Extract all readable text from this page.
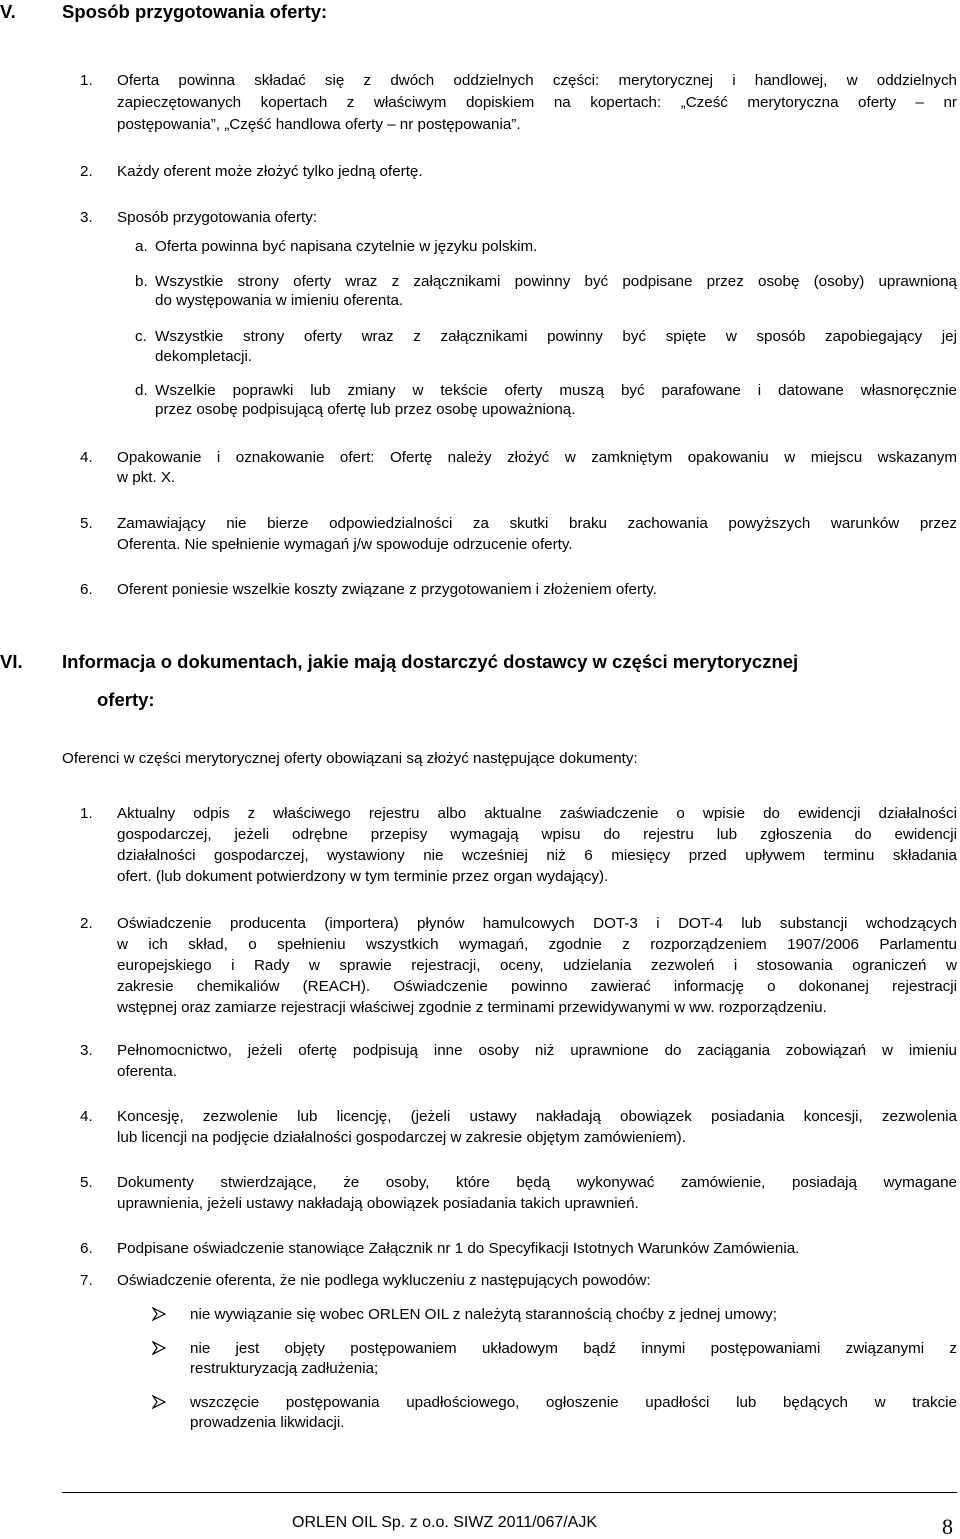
V. Sposób przygotowania oferty:
1. Oferta powinna składać się z dwóch oddzielnych części: merytorycznej i handlowej, w oddzielnych
zapieczętowanych kopertach z właściwym dopiskiem na kopertach: „Cześć merytoryczna oferty – nr
postępowania”, „Część handlowa oferty – nr postępowania”.
2. Każdy oferent może złożyć tylko jedną ofertę.
3. Sposób przygotowania oferty:
a. Oferta powinna być napisana czytelnie w języku polskim.
b. Wszystkie strony oferty wraz z załącznikami powinny być podpisane przez osobę (osoby) uprawnioną
do występowania w imieniu oferenta.
c. Wszystkie strony oferty wraz z załącznikami powinny być spięte w sposób zapobiegający jej
dekompletacji.
d. Wszelkie poprawki lub zmiany w tekście oferty muszą być parafowane i datowane własnoręcznie
przez osobę podpisującą ofertę lub przez osobę upoważnioną.
4. Opakowanie i oznakowanie ofert: Ofertę należy złożyć w zamkniętym opakowaniu w miejscu wskazanym
w pkt. X.
5. Zamawiający nie bierze odpowiedzialności za skutki braku zachowania powyższych warunków przez
Oferenta. Nie spełnienie wymagań j/w spowoduje odrzucenie oferty.
6. Oferent poniesie wszelkie koszty związane z przygotowaniem i złożeniem oferty.
VI. Informacja o dokumentach, jakie mają dostarczyć dostawcy w części merytorycznej
oferty:
Oferenci w części merytorycznej oferty obowiązani są złożyć następujące dokumenty:
1. Aktualny odpis z właściwego rejestru albo aktualne zaświadczenie o wpisie do ewidencji działalności
gospodarczej, jeżeli odrębne przepisy wymagają wpisu do rejestru lub zgłoszenia do ewidencji
działalności gospodarczej, wystawiony nie wcześniej niż 6 miesięcy przed upływem terminu składania
ofert. (lub dokument potwierdzony w tym terminie przez organ wydający).
2. Oświadczenie producenta (importera) płynów hamulcowych DOT-3 i DOT-4 lub substancji wchodzących
w ich skład, o spełnieniu wszystkich wymagań, zgodnie z rozporządzeniem 1907/2006 Parlamentu
europejskiego i Rady w sprawie rejestracji, oceny, udzielania zezwoleń i stosowania ograniczeń w
zakresie chemikaliów (REACH). Oświadczenie powinno zawierać informację o dokonanej rejestracji
wstępnej oraz zamiarze rejestracji właściwej zgodnie z terminami przewidywanymi w ww. rozporządzeniu.
3. Pełnomocnictwo, jeżeli ofertę podpisują inne osoby niż uprawnione do zaciągania zobowiązań w imieniu
oferenta.
4. Koncesję, zezwolenie lub licencję, (jeżeli ustawy nakładają obowiązek posiadania koncesji, zezwolenia
lub licencji na podjęcie działalności gospodarczej w zakresie objętym zamówieniem).
5. Dokumenty stwierdzające, że osoby, które będą wykonywać zamówienie, posiadają wymagane
uprawnienia, jeżeli ustawy nakładają obowiązek posiadania takich uprawnień.
6. Podpisane oświadczenie stanowiące Załącznik nr 1 do Specyfikacji Istotnych Warunków Zamówienia.
7. Oświadczenie oferenta, że nie podlega wykluczeniu z następujących powodów:
nie wywiązanie się wobec ORLEN OIL z należytą starannością choćby z jednej umowy;
nie jest objęty postępowaniem układowym bądź innymi postępowaniami związanymi z
restrukturyzacją zadłużenia;
wszczęcie postępowania upadłościowego, ogłoszenie upadłości lub będących w trakcie
prowadzenia likwidacji.
ORLEN OIL Sp. z o.o. SIWZ 2011/067/AJK	8
